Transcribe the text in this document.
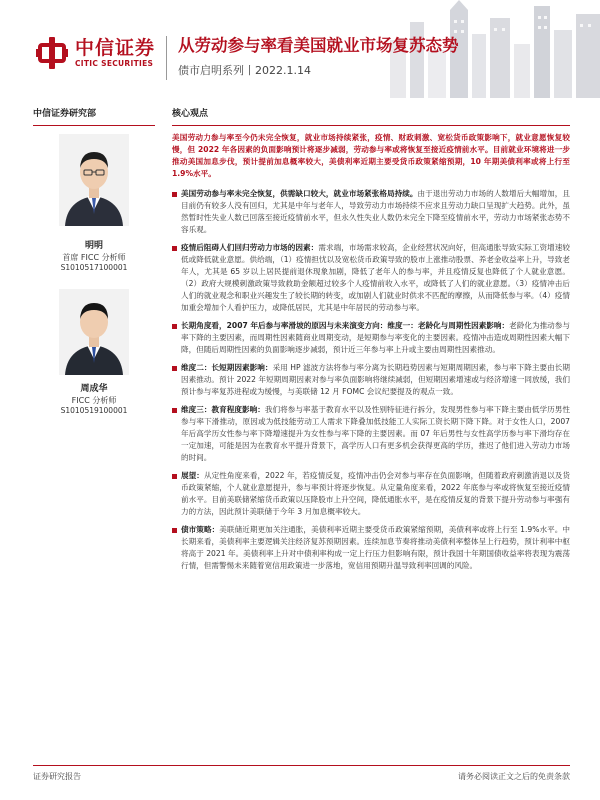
中信证券
CITIC SECURITIES
从劳动参与率看美国就业市场复苏态势
债市启明系列丨2022.1.14
中信证券研究部
明明
首席 FICC 分析师
S1010517100001
周成华
FICC 分析师
S1010519100001
核心观点
美国劳动力参与率至今仍未完全恢复，就业市场持续紧张，疫情、财政刺激、宽松货币政策影响下，就业意愿恢复较慢，但 2022 年各因素的负面影响预计将逐步减弱，劳动参与率或将恢复至接近疫情前水平。目前就业环境将进一步推动美国加息步伐，预计提前加息概率较大，美债利率近期主要受货币政策紧缩预期，10 年期美债利率或将上行至 1.9%水平。
美国劳动参与率未完全恢复，供需缺口较大，就业市场紧张格局持续。由于退出劳动力市场的人数增后大幅增加，且目前仍有较多人没有回归，尤其是中年与老年人，导致劳动力市场持续不应求且劳动力缺口呈现扩大趋势。此外，虽然暂时性失业人数已回落至接近疫情前水平，但永久性失业人数仍未完全下降至疫情前水平，劳动力市场紧张态势不容乐观。
疫情后阻碍人们回归劳动力市场的因素：需求端，市场需求较高，企业经营状况向好，但高通胀导致实际工资增速较低或降低就业意愿。供给端，（1）疫情担忧以及宽松货币政策导致的股市上涨推动股票、养老金收益率上升，导致老年人，尤其是 65 岁以上居民提前退休现象加剧，降低了老年人的参与率，并且疫情反复也降低了个人就业意愿。（2）政府大规模刺激政策导致救助金额超过较多个人疫情前收入水平，或降低了人们的就业意愿。（3）疫情冲击后人们的就业观念和职业兴趣发生了较长期的转变，或加剧人们就业时供求不匹配的摩擦，从而降低参与率。（4）疫情加重会增加个人看护压力，或降低居民，尤其是中年居民的劳动参与率。
长期角度看，2007 年后参与率滑坡的原因与未来演变方向：维度一：老龄化与周期性因素影响：老龄化为推动参与率下降的主要因素，而周期性因素随商业周期变动，是短期参与率变化的主要因素。疫情冲击造成周期性因素大幅下降，但随后周期性因素的负面影响逐步减弱，预计近三年参与率上升或主要由周期性因素推动。
维度二：长短期因素影响：采用 HP 滤波方法将参与率分离为长期趋势因素与短期周期因素，参与率下降主要由长期因素推动。预计 2022 年短期周期因素对参与率负面影响将继续减弱，但短期因素增速或与经济增速一同放缓，我们预计参与率复苏进程或为缓慢，与美联储 12 月 FOMC 会议纪要提及的观点一致。
维度三：教育程度影响：我们将参与率基于教育水平以及性别特征进行拆分，发现男性参与率下降主要由低学历男性参与率下滑推动，原因或为低技能劳动工人需求下降叠加低技能工人实际工资长期下降下降。对于女性人口，2007 年后高学历女性参与率下降增速提升为女性参与率下降的主要因素。而 07 年后男性与女性高学历参与率下滑均存在一定加速，可能是因为在教育水平提升背景下，高学历人口有更多机会获得更高的学历，推迟了他们进入劳动力市场的时间。
展望：从定性角度来看，2022 年，若疫情反复，疫情冲击仍会对参与率存在负面影响，但随着政府刺激消退以及货币政策紧缩，个人就业意愿提升，参与率预计将逐步恢复。从定量角度来看，2022 年底参与率或将恢复至接近疫情前水平。目前美联储紧缩货币政策以压降股市上升空间，降低通胀水平，是在疫情反复的背景下提升劳动参与率强有力的方法，因此预计美联储于今年 3 月加息概率较大。
债市策略：美联储近期更加关注通胀，美债利率近期主要受货币政策紧缩预期，美债利率或将上行至 1.9%水平。中长期来看，美债利率主要逻辑关注经济复苏预期因素。连续加息节奏将推动美债利率整体呈上行趋势，预计利率中枢将高于 2021 年。美债利率上升对中债利率构成一定上行压力但影响有限，预计我国十年期国债收益率将表现为震荡行情，但需警惕未来随着宽信用政策进一步落地，宽信用预期升温导致利率回调的风险。
证券研究报告	请务必阅读正文之后的免责条款
